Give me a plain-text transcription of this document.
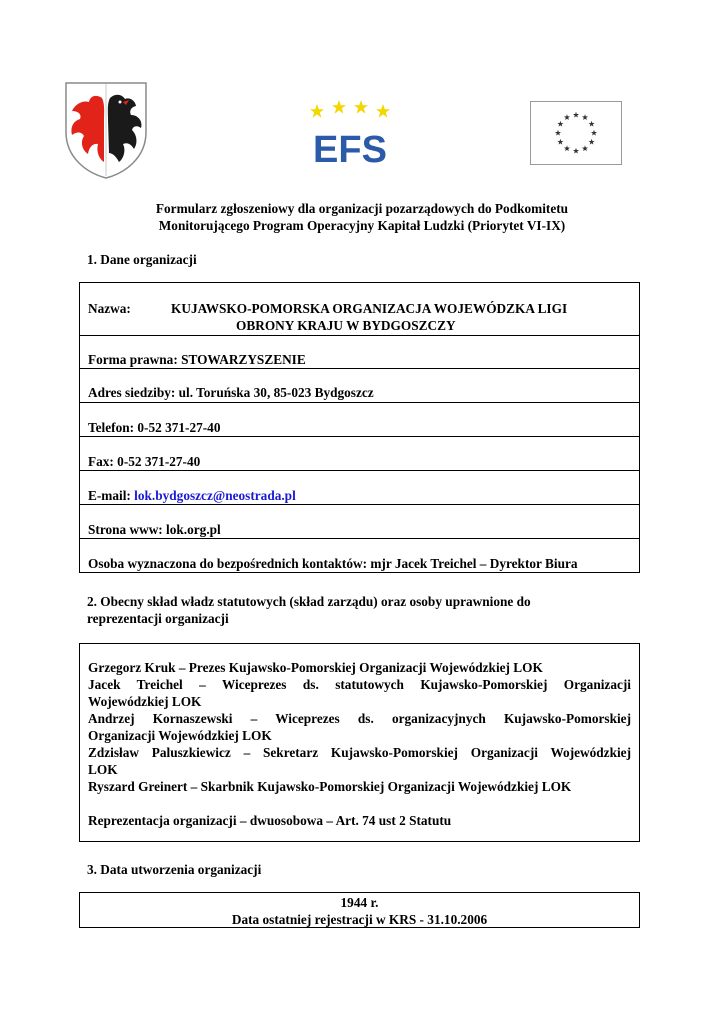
EFS
Formularz zgłoszeniowy dla organizacji pozarządowych do Podkomitetu
Monitorującego Program Operacyjny Kapitał Ludzki (Priorytet VI-IX)
1. Dane organizacji
Nazwa:	KUJAWSKO-POMORSKA ORGANIZACJA WOJEWÓDZKA LIGI
OBRONY KRAJU W BYDGOSZCZY
Forma prawna: STOWARZYSZENIE
Adres siedziby: ul. Toruńska 30, 85-023 Bydgoszcz
Telefon: 0-52 371-27-40
Fax: 0-52 371-27-40
E-mail: lok.bydgoszcz@neostrada.pl
Strona www: lok.org.pl
Osoba wyznaczona do bezpośrednich kontaktów: mjr Jacek Treichel – Dyrektor Biura
2. Obecny skład władz statutowych (skład zarządu) oraz osoby uprawnione do
reprezentacji organizacji
Grzegorz Kruk – Prezes Kujawsko-Pomorskiej Organizacji Wojewódzkiej LOK
Jacek Treichel – Wiceprezes ds. statutowych Kujawsko-Pomorskiej Organizacji
Wojewódzkiej LOK
Andrzej Kornaszewski – Wiceprezes ds. organizacyjnych Kujawsko-Pomorskiej
Organizacji Wojewódzkiej LOK
Zdzisław Paluszkiewicz – Sekretarz Kujawsko-Pomorskiej Organizacji Wojewódzkiej
LOK
Ryszard Greinert – Skarbnik Kujawsko-Pomorskiej Organizacji Wojewódzkiej LOK
Reprezentacja organizacji – dwuosobowa – Art. 74 ust 2 Statutu
3. Data utworzenia organizacji
1944 r.
Data ostatniej rejestracji w KRS - 31.10.2006
